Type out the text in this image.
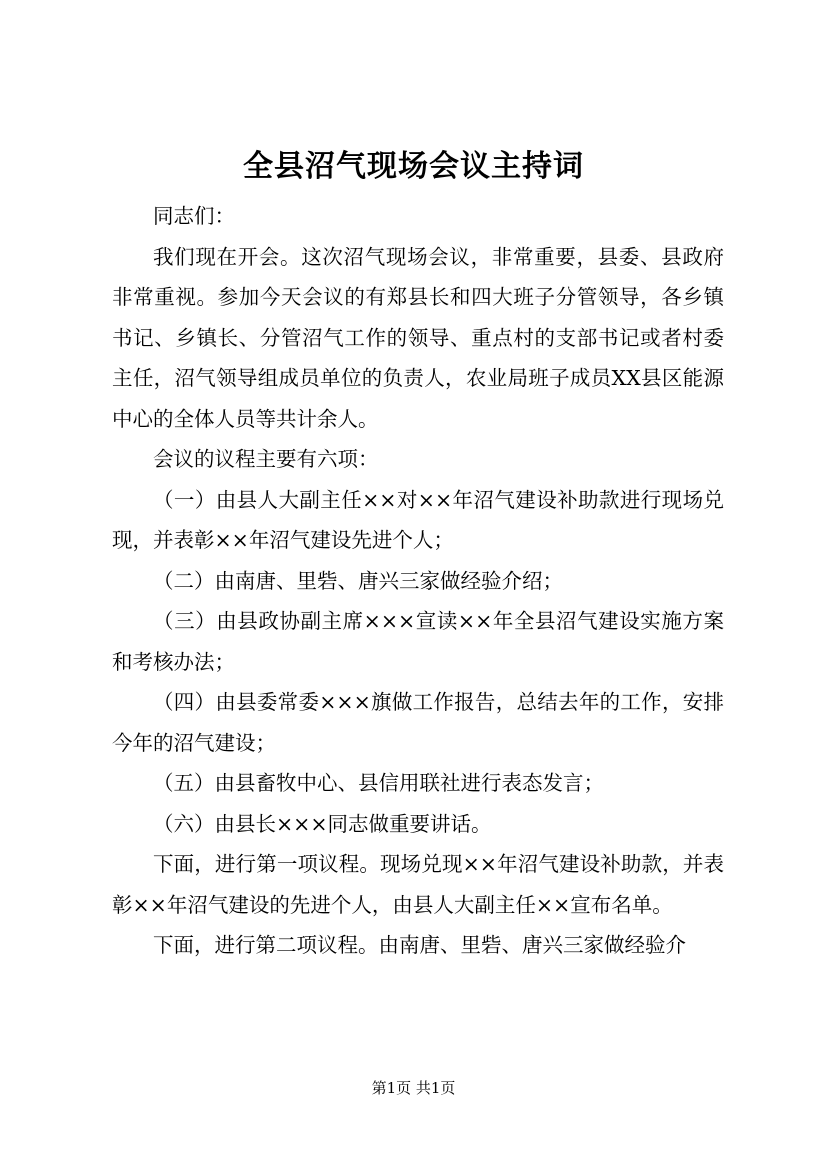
全县沼气现场会议主持词

同志们：

我们现在开会。这次沼气现场会议，非常重要，县委、县政府非常重视。参加今天会议的有郑县长和四大班子分管领导，各乡镇书记、乡镇长、分管沼气工作的领导、重点村的支部书记或者村委主任，沼气领导组成员单位的负责人，农业局班子成员XX县区能源中心的全体人员等共计余人。

会议的议程主要有六项：

（一）由县人大副主任××对××年沼气建设补助款进行现场兑现，并表彰××年沼气建设先进个人；

（二）由南唐、里砦、唐兴三家做经验介绍；

（三）由县政协副主席×××宣读××年全县沼气建设实施方案和考核办法；

（四）由县委常委×××旗做工作报告，总结去年的工作，安排今年的沼气建设；

（五）由县畜牧中心、县信用联社进行表态发言；

（六）由县长×××同志做重要讲话。

下面，进行第一项议程。现场兑现××年沼气建设补助款，并表彰××年沼气建设的先进个人，由县人大副主任××宣布名单。

下面，进行第二项议程。由南唐、里砦、唐兴三家做经验介

第1页 共1页
